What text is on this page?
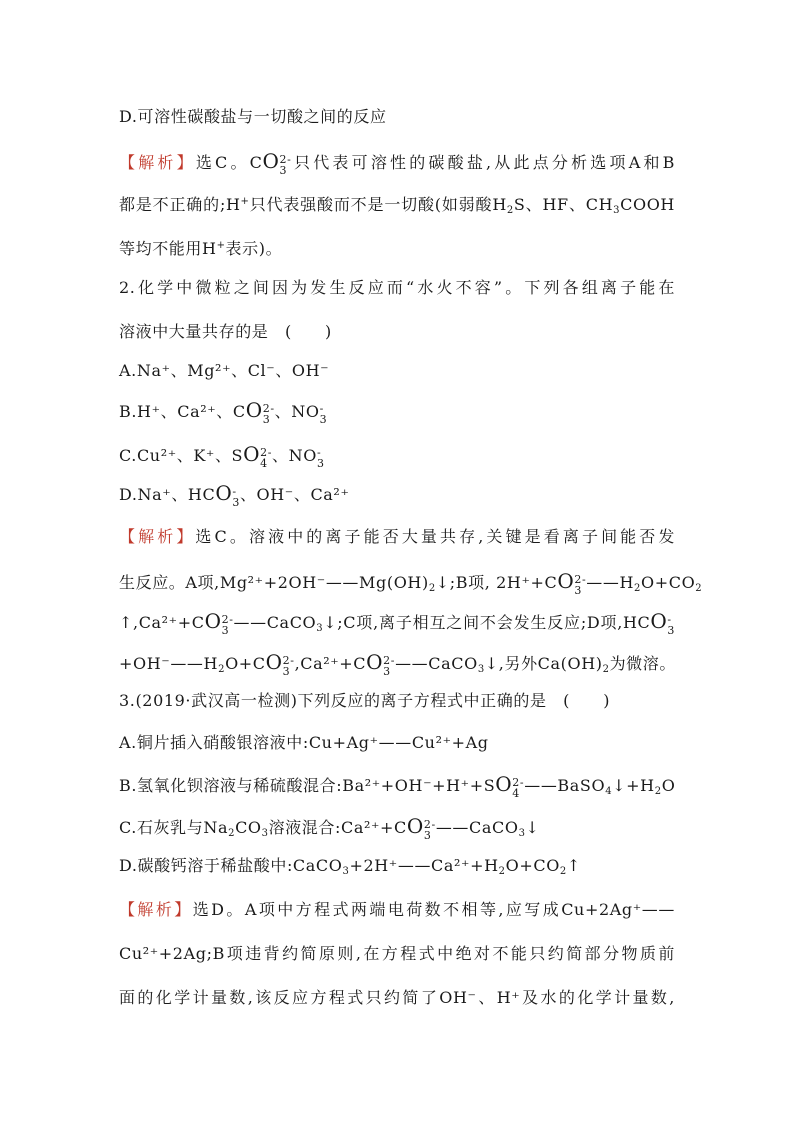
D.可溶性碳酸盐与一切酸之间的反应
【解析】选C。CO 2-
3 只代表可溶性的碳酸盐,从此点分析选项A和B
都是不正确的;H+只代表强酸而不是一切酸(如弱酸$H_2S$、HF、$CH_3COOH$
等均不能用H+表示)。
2.化学中微粒之间因为发生反应而“水火不容”。下列各组离子能在
溶液中大量共存的是　(　　)
A.Na⁺、Mg²⁺、Cl⁻、OH⁻
B.H⁺、Ca²⁺、CO 2-
3 、NO -
3
C.Cu²⁺、K⁺、SO 2-
4 、NO -
3
D.Na⁺、HCO -
3 、OH⁻、Ca²⁺
【解析】选C。溶液中的离子能否大量共存,关键是看离子间能否发
生反应。A项$,Mg^{2+}+2OH^-——Mg(OH)_2↓;B$项, 2H⁺+CO 2-
3 $——H_2O+CO_2$
↑,Ca²⁺+CO 2-
3 ——CaCO$_3$↓;C项,离子相互之间不会发生反应;D项,HCO -
3
$+OH^-——H_2O+CO$ 2-
3 ,Ca²⁺+CO 2-
3 ——CaCO$_3$↓,另外$Ca(OH)_2$为微溶。
3.(2019·武汉高一检测)下列反应的离子方程式中正确的是　(　　)
A.铜片插入硝酸银溶液中:Cu+Ag⁺——Cu²⁺+Ag
B.氢氧化钡溶液与稀硫酸混合:Ba²⁺+OH⁻+H⁺+SO 2-
4 $——BaSO_4↓+H_2O$
C.石灰乳与$Na_2CO_3$溶液混合:Ca²⁺+CO 2-
3 ——CaCO$_3$↓
D.碳酸钙溶于稀盐酸中$:CaCO_3+2H^+——Ca^{2+}+H_2O+CO_2↑$
【解析】选D。A项中方程式两端电荷数不相等,应写成Cu+2Ag⁺——
Cu²⁺+2Ag;B项违背约简原则,在方程式中绝对不能只约简部分物质前
面的化学计量数,该反应方程式只约简了OH⁻、H⁺及水的化学计量数,
